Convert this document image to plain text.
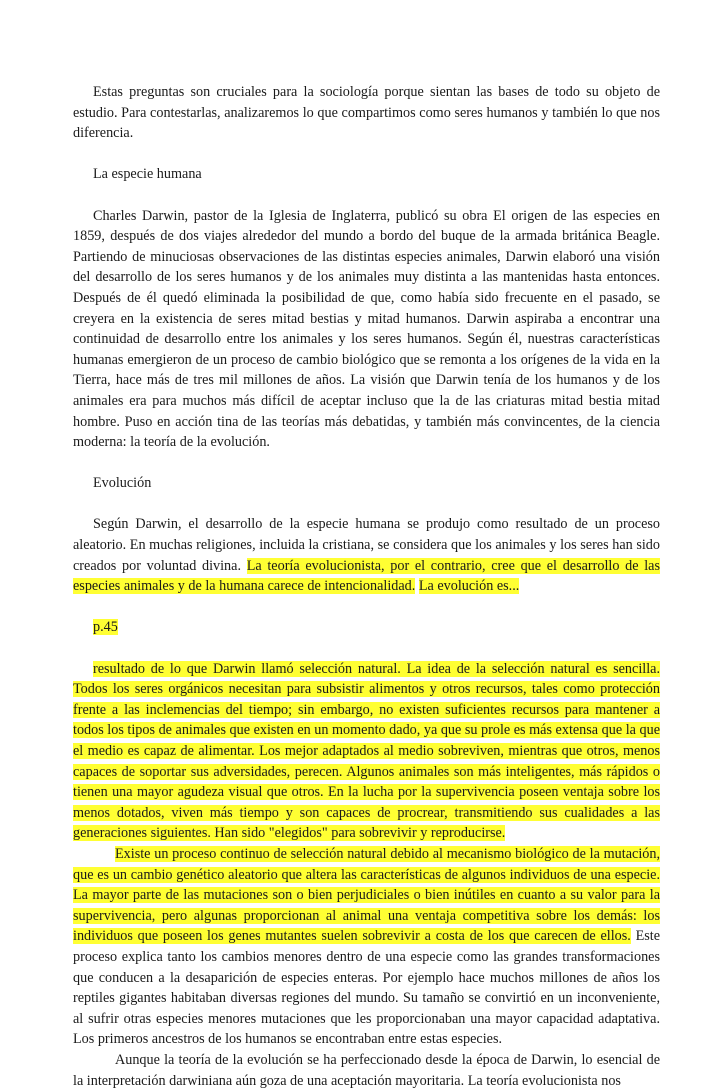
Estas preguntas son cruciales para la sociología porque sientan las bases de todo su objeto de estudio. Para contestarlas, analizaremos lo que compartimos como seres humanos y también lo que nos diferencia.

La especie humana

Charles Darwin, pastor de la Iglesia de Inglaterra, publicó su obra El origen de las especies en 1859, después de dos viajes alrededor del mundo a bordo del buque de la armada británica Beagle. Partiendo de minuciosas observaciones de las distintas especies animales, Darwin elaboró una visión del desarrollo de los seres humanos y de los animales muy distinta a las mantenidas hasta entonces. Después de él quedó eliminada la posibilidad de que, como había sido frecuente en el pasado, se creyera en la existencia de seres mitad bestias y mitad humanos. Darwin aspiraba a encontrar una continuidad de desarrollo entre los animales y los seres humanos. Según él, nuestras características humanas emergieron de un proceso de cambio biológico que se remonta a los orígenes de la vida en la Tierra, hace más de tres mil millones de años. La visión que Darwin tenía de los humanos y de los animales era para muchos más difícil de aceptar incluso que la de las criaturas mitad bestia mitad hombre. Puso en acción tina de las teorías más debatidas, y también más convincentes, de la ciencia moderna: la teoría de la evolución.

Evolución

Según Darwin, el desarrollo de la especie humana se produjo como resultado de un proceso aleatorio. En muchas religiones, incluida la cristiana, se considera que los animales y los seres han sido creados por voluntad divina. La teoría evolucionista, por el contrario, cree que el desarrollo de las especies animales y de la humana carece de intencionalidad. La evolución es...

p.45

resultado de lo que Darwin llamó selección natural. La idea de la selección natural es sencilla. Todos los seres orgánicos necesitan para subsistir alimentos y otros recursos, tales como protección frente a las inclemencias del tiempo; sin embargo, no existen suficientes recursos para mantener a todos los tipos de animales que existen en un momento dado, ya que su prole es más extensa que la que el medio es capaz de alimentar. Los mejor adaptados al medio sobreviven, mientras que otros, menos capaces de soportar sus adversidades, perecen. Algunos animales son más inteligentes, más rápidos o tienen una mayor agudeza visual que otros. En la lucha por la supervivencia poseen ventaja sobre los menos dotados, viven más tiempo y son capaces de procrear, transmitiendo sus cualidades a las generaciones siguientes. Han sido "elegidos" para sobrevivir y reproducirse.

Existe un proceso continuo de selección natural debido al mecanismo biológico de la mutación, que es un cambio genético aleatorio que altera las características de algunos individuos de una especie. La mayor parte de las mutaciones son o bien perjudiciales o bien inútiles en cuanto a su valor para la supervivencia, pero algunas proporcionan al animal una ventaja competitiva sobre los demás: los individuos que poseen los genes mutantes suelen sobrevivir a costa de los que carecen de ellos. Este proceso explica tanto los cambios menores dentro de una especie como las grandes transformaciones que conducen a la desaparición de especies enteras. Por ejemplo hace muchos millones de años los reptiles gigantes habitaban diversas regiones del mundo. Su tamaño se convirtió en un inconveniente, al sufrir otras especies menores mutaciones que les proporcionaban una mayor capacidad adaptativa. Los primeros ancestros de los humanos se encontraban entre estas especies.

Aunque la teoría de la evolución se ha perfeccionado desde la época de Darwin, lo esencial de la interpretación darwiniana aún goza de una aceptación mayoritaria. La teoría evolucionista nos
